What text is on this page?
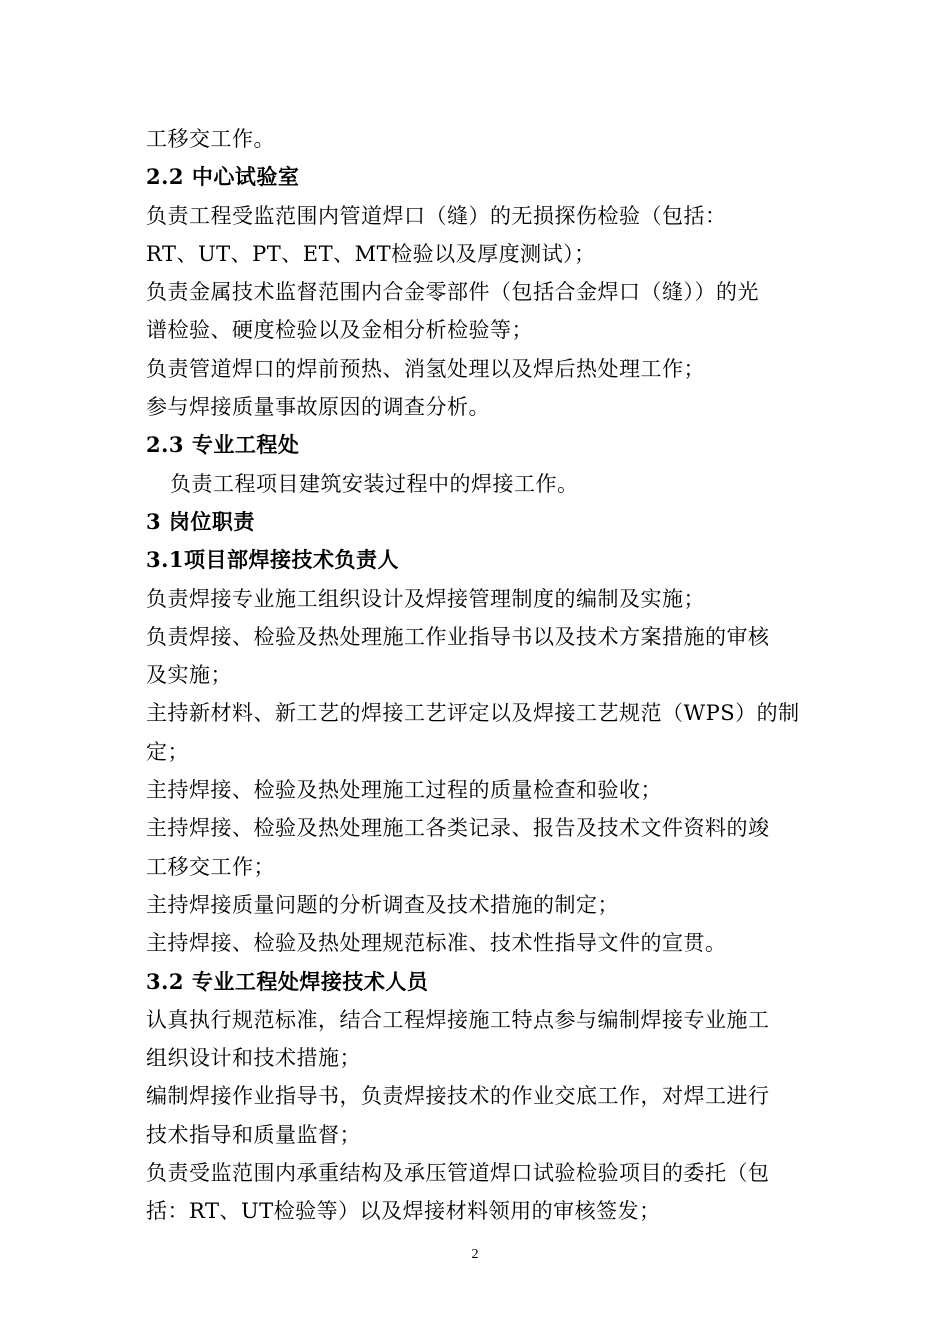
工移交工作。

2.2 中心试验室

负责工程受监范围内管道焊口（缝）的无损探伤检验（包括：

RT、UT、PT、ET、MT检验以及厚度测试）；

负责金属技术监督范围内合金零部件（包括合金焊口（缝））的光

谱检验、硬度检验以及金相分析检验等；

负责管道焊口的焊前预热、消氢处理以及焊后热处理工作；

参与焊接质量事故原因的调查分析。

2.3 专业工程处

负责工程项目建筑安装过程中的焊接工作。

3 岗位职责

3.1项目部焊接技术负责人

负责焊接专业施工组织设计及焊接管理制度的编制及实施；

负责焊接、检验及热处理施工作业指导书以及技术方案措施的审核

及实施；

主持新材料、新工艺的焊接工艺评定以及焊接工艺规范（WPS）的制

定；

主持焊接、检验及热处理施工过程的质量检查和验收；

主持焊接、检验及热处理施工各类记录、报告及技术文件资料的竣

工移交工作；

主持焊接质量问题的分析调查及技术措施的制定；

主持焊接、检验及热处理规范标准、技术性指导文件的宣贯。

3.2 专业工程处焊接技术人员

认真执行规范标准，结合工程焊接施工特点参与编制焊接专业施工

组织设计和技术措施；

编制焊接作业指导书，负责焊接技术的作业交底工作，对焊工进行

技术指导和质量监督；

负责受监范围内承重结构及承压管道焊口试验检验项目的委托（包

括：RT、UT检验等）以及焊接材料领用的审核签发；

2
